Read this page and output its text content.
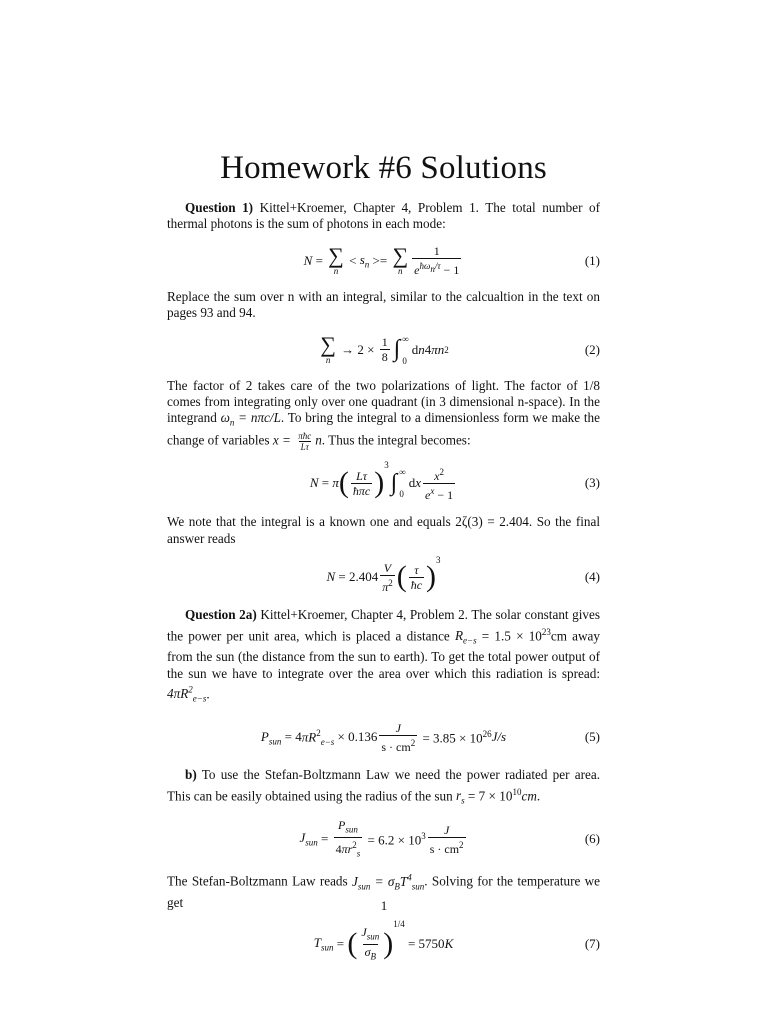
Homework #6 Solutions

Question 1) Kittel+Kroemer, Chapter 4, Problem 1. The total number of thermal photons is the sum of photons in each mode:

N = ∑
n
< $s_n$ >= ∑
n $\frac{1}{e^{ħ\omega_n/\tau} - 1}$	(1)

Replace the sum over n with an integral, similar to the calcualtion in the text on pages 93 and 94.

∑
n
→ $2 \times \frac{1}{8}$ ∫ ∞
0
d n 4 πn 2	(2)

The factor of 2 takes care of the two polarizations of light. The factor of 1/8 comes from integrating only over one quadrant (in 3 dimensional n-space). In the integrand $\omega_n = n\pi c/L$. To bring the integral to a dimensionless form we make the change of variables $x = \frac{\text{πħc}}{L\tau} n$. Thus the integral becomes:

N = π ( $\frac{L\tau}{\text{ħπc}}$ )
$^3$
∫ ∞
0
d x $\frac{x^2}{e^x - 1}$	(3)

We note that the integral is a known one and equals 2ζ(3) = 2.404. So the final answer reads

$N = 2.404 \frac{V}{\pi^2}$ ( $\frac{\tau}{ħc} )^3$
(4)

Question 2a) Kittel+Kroemer, Chapter 4, Problem 2. The solar constant gives the power per unit area, which is placed a distance $R_{e-s} = 1.5 \times 10^{23}cm$ away from the sun (the distance from the sun to earth). To get the total power output of the sun we have to integrate over the area over which this radiation is spread: $4\pi R^2_{e-s}$.

$P_{sun} = 4$ $\pi R^2_{e-s} \times 0.136 \frac{J}{s \cdot cm^2} = 3.85 \times 10^{26}$ J/s	(5)

b) To use the Stefan-Boltzmann Law we need the power radiated per area. This can be easily obtained using the radius of the sun $r_s = 7 \times 10^{10}cm$.

$J_{sun} = \frac{P_{sun}}{4\pi r^2_s} = 6.2 \times 10^3 \frac{J}{s \cdot cm^2}$	(6)

The Stefan-Boltzmann Law reads $J_{sun} = \sigma_BT^4_{sun}$. Solving for the temperature we get

$T_{sun}$ = ( $\frac{J_{sun}}{\sigma_B}$ )
1/4
= 5750 K	(7)
1
